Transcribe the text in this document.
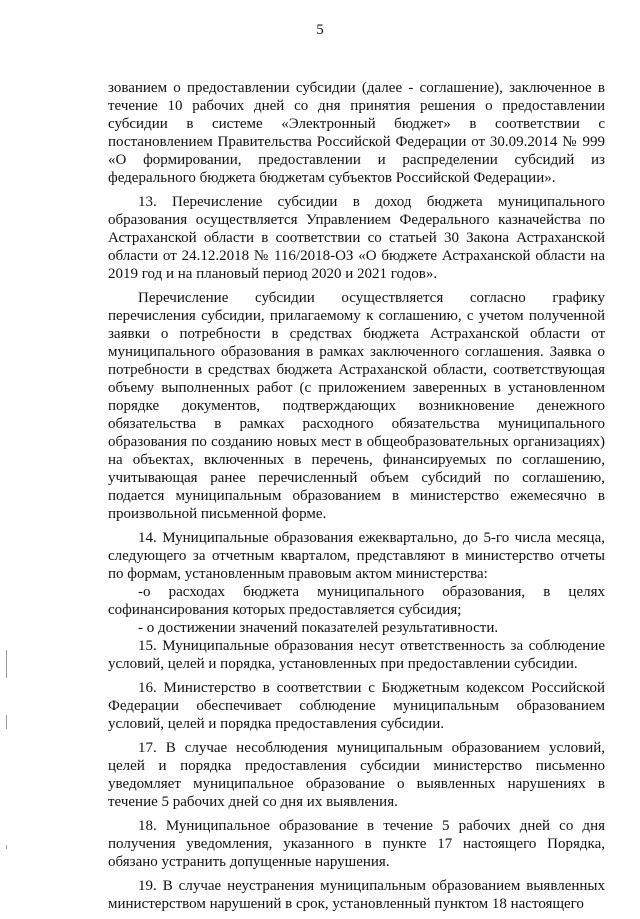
5

зованием о предоставлении субсидии (далее - соглашение), заключенное в течение 10 рабочих дней со дня принятия решения о предоставлении субсидии в системе «Электронный бюджет» в соответствии с постановлением Правительства Российской Федерации от 30.09.2014 № 999 «О формировании, предоставлении и распределении субсидий из федерального бюджета бюджетам субъектов Российской Федерации».

13. Перечисление субсидии в доход бюджета муниципального образования осуществляется Управлением Федерального казначейства по Астраханской области в соответствии со статьей 30 Закона Астраханской области от 24.12.2018 № 116/2018-ОЗ «О бюджете Астраханской области на 2019 год и на плановый период 2020 и 2021 годов».

Перечисление субсидии осуществляется согласно графику перечисления субсидии, прилагаемому к соглашению, с учетом полученной заявки о потребности в средствах бюджета Астраханской области от муниципального образования в рамках заключенного соглашения. Заявка о потребности в средствах бюджета Астраханской области, соответствующая объему выполненных работ (с приложением заверенных в установленном порядке документов, подтверждающих возникновение денежного обязательства в рамках расходного обязательства муниципального образования по созданию новых мест в общеобразовательных организациях) на объектах, включенных в перечень, финансируемых по соглашению, учитывающая ранее перечисленный объем субсидий по соглашению, подается муниципальным образованием в министерство ежемесячно в произвольной письменной форме.

14. Муниципальные образования ежеквартально, до 5-го числа месяца, следующего за отчетным кварталом, представляют в министерство отчеты по формам, установленным правовым актом министерства:

-о расходах бюджета муниципального образования, в целях софинансирования которых предоставляется субсидия;

- о достижении значений показателей результативности.

15. Муниципальные образования несут ответственность за соблюдение условий, целей и порядка, установленных при предоставлении субсидии.

16. Министерство в соответствии с Бюджетным кодексом Российской Федерации обеспечивает соблюдение муниципальным образованием условий, целей и порядка предоставления субсидии.

17. В случае несоблюдения муниципальным образованием условий, целей и порядка предоставления субсидии министерство письменно уведомляет муниципальное образование о выявленных нарушениях в течение 5 рабочих дней со дня их выявления.

18. Муниципальное образование в течение 5 рабочих дней со дня получения уведомления, указанного в пункте 17 настоящего Порядка, обязано устранить допущенные нарушения.

19. В случае неустранения муниципальным образованием выявленных министерством нарушений в срок, установленный пунктом 18 настоящего
